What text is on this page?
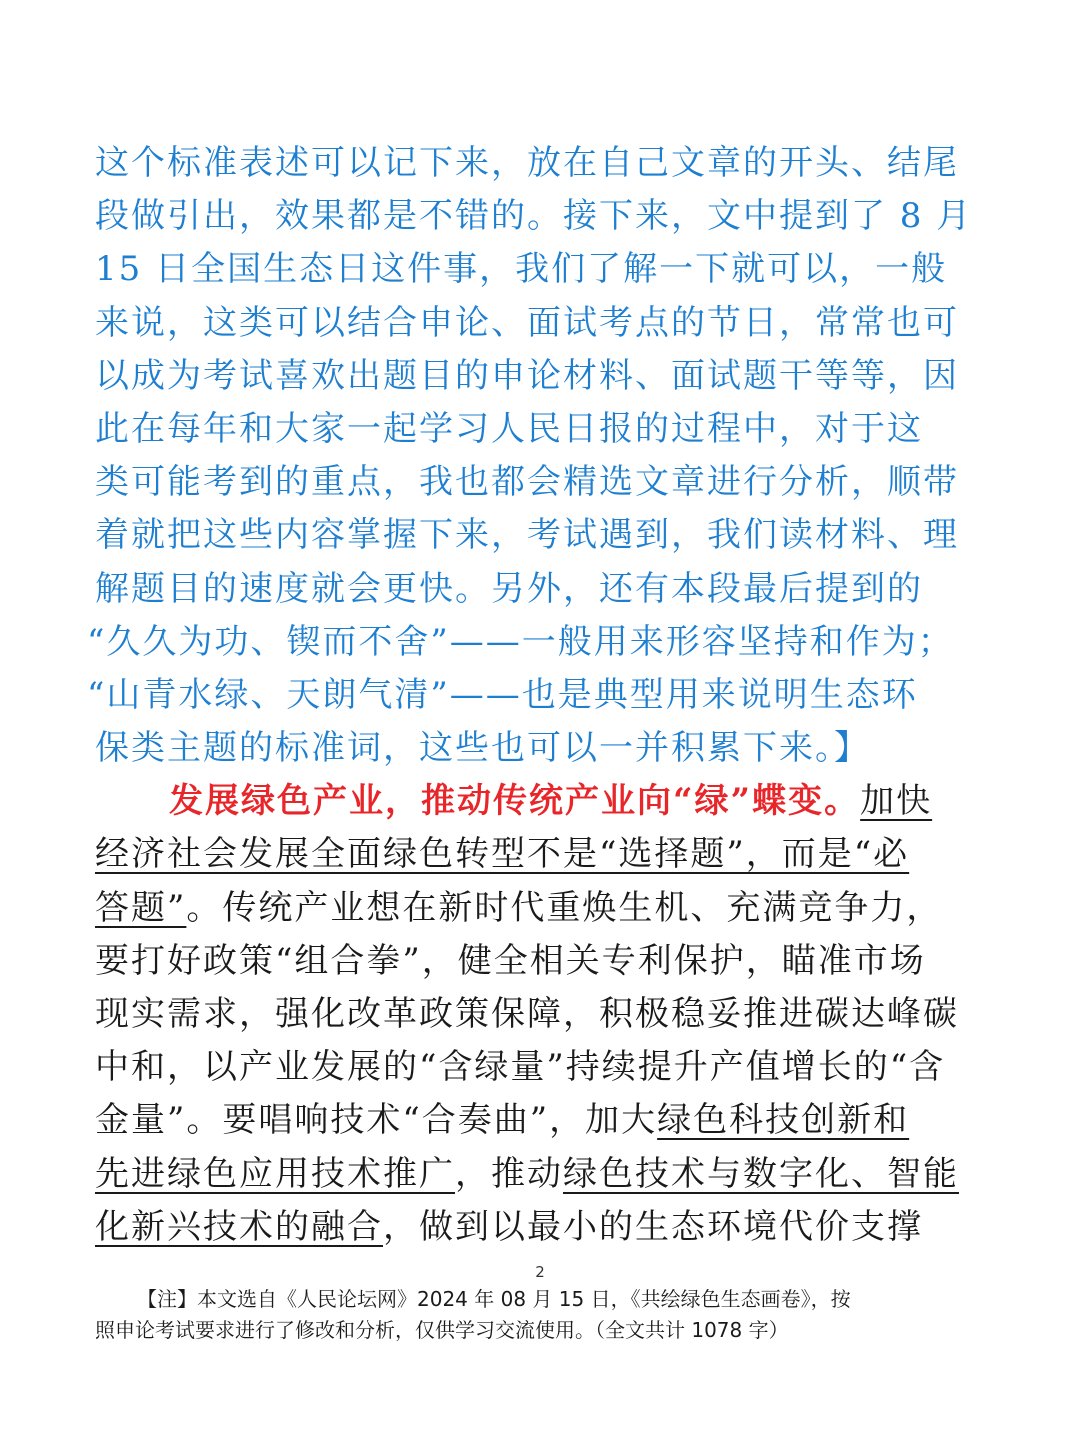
这个标准表述可以记下来，放在自己文章的开头、结尾
段做引出，效果都是不错的。接下来，文中提到了 8 月
15 日全国生态日这件事，我们了解一下就可以，一般
来说，这类可以结合申论、面试考点的节日，常常也可
以成为考试喜欢出题目的申论材料、面试题干等等，因
此在每年和大家一起学习人民日报的过程中，对于这
类可能考到的重点，我也都会精选文章进行分析，顺带
着就把这些内容掌握下来，考试遇到，我们读材料、理
解题目的速度就会更快。另外，还有本段最后提到的
“久久为功、锲而不舍”——一般用来形容坚持和作为；
“山青水绿、天朗气清”——也是典型用来说明生态环
保类主题的标准词，这些也可以一并积累下来。】
发展绿色产业，推动传统产业向“绿”蝶变。加快
经济社会发展全面绿色转型不是“选择题”，而是“必
答题”。传统产业想在新时代重焕生机、充满竞争力，
要打好政策“组合拳”，健全相关专利保护，瞄准市场
现实需求，强化改革政策保障，积极稳妥推进碳达峰碳
中和，以产业发展的“含绿量”持续提升产值增长的“含
金量”。要唱响技术“合奏曲”，加大绿色科技创新和
先进绿色应用技术推广，推动绿色技术与数字化、智能
化新兴技术的融合，做到以最小的生态环境代价支撑
2
【注】本文选自《人民论坛网》2024 年 08 月 15 日，《共绘绿色生态画卷》，按
照申论考试要求进行了修改和分析，仅供学习交流使用。（全文共计 1078 字）
